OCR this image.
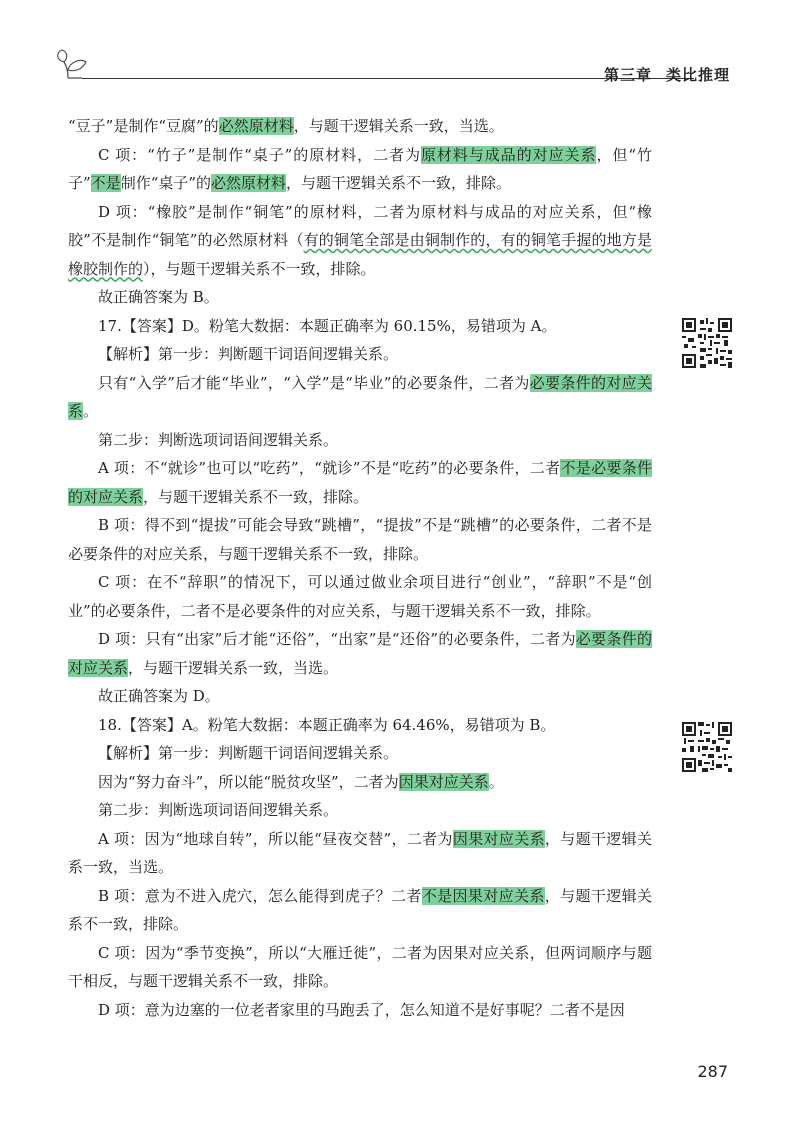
第三章 类比推理

“豆子”是制作“豆腐”的必然原材料，与题干逻辑关系一致，当选。

C 项：“竹子”是制作“桌子”的原材料，二者为原材料与成品的对应关系，但“竹子”不是制作“桌子”的必然原材料，与题干逻辑关系不一致，排除。

D 项：“橡胶”是制作“铜笔”的原材料，二者为原材料与成品的对应关系，但“橡胶”不是制作“铜笔”的必然原材料（有的铜笔全部是由铜制作的，有的铜笔手握的地方是橡胶制作的），与题干逻辑关系不一致，排除。

故正确答案为 B。

17.【答案】D。粉笔大数据：本题正确率为 60.15%，易错项为 A。

【解析】第一步：判断题干词语间逻辑关系。

只有“入学”后才能“毕业”，“入学”是“毕业”的必要条件，二者为必要条件的对应关系。

第二步：判断选项词语间逻辑关系。

A 项：不“就诊”也可以“吃药”，“就诊”不是“吃药”的必要条件，二者不是必要条件的对应关系，与题干逻辑关系不一致，排除。

B 项：得不到“提拔”可能会导致“跳槽”，“提拔”不是“跳槽”的必要条件，二者不是必要条件的对应关系，与题干逻辑关系不一致，排除。

C 项：在不“辞职”的情况下，可以通过做业余项目进行“创业”，“辞职”不是“创业”的必要条件，二者不是必要条件的对应关系，与题干逻辑关系不一致，排除。

D 项：只有“出家”后才能“还俗”，“出家”是“还俗”的必要条件，二者为必要条件的对应关系，与题干逻辑关系一致，当选。

故正确答案为 D。

18.【答案】A。粉笔大数据：本题正确率为 64.46%，易错项为 B。

【解析】第一步：判断题干词语间逻辑关系。

因为“努力奋斗”，所以能“脱贫攻坚”，二者为因果对应关系。

第二步：判断选项词语间逻辑关系。

A 项：因为“地球自转”，所以能“昼夜交替”，二者为因果对应关系，与题干逻辑关系一致，当选。

B 项：意为不进入虎穴，怎么能得到虎子？二者不是因果对应关系，与题干逻辑关系不一致，排除。

C 项：因为“季节变换”，所以“大雁迁徙”，二者为因果对应关系，但两词顺序与题干相反，与题干逻辑关系不一致，排除。

D 项：意为边塞的一位老者家里的马跑丢了，怎么知道不是好事呢？二者不是因

287
